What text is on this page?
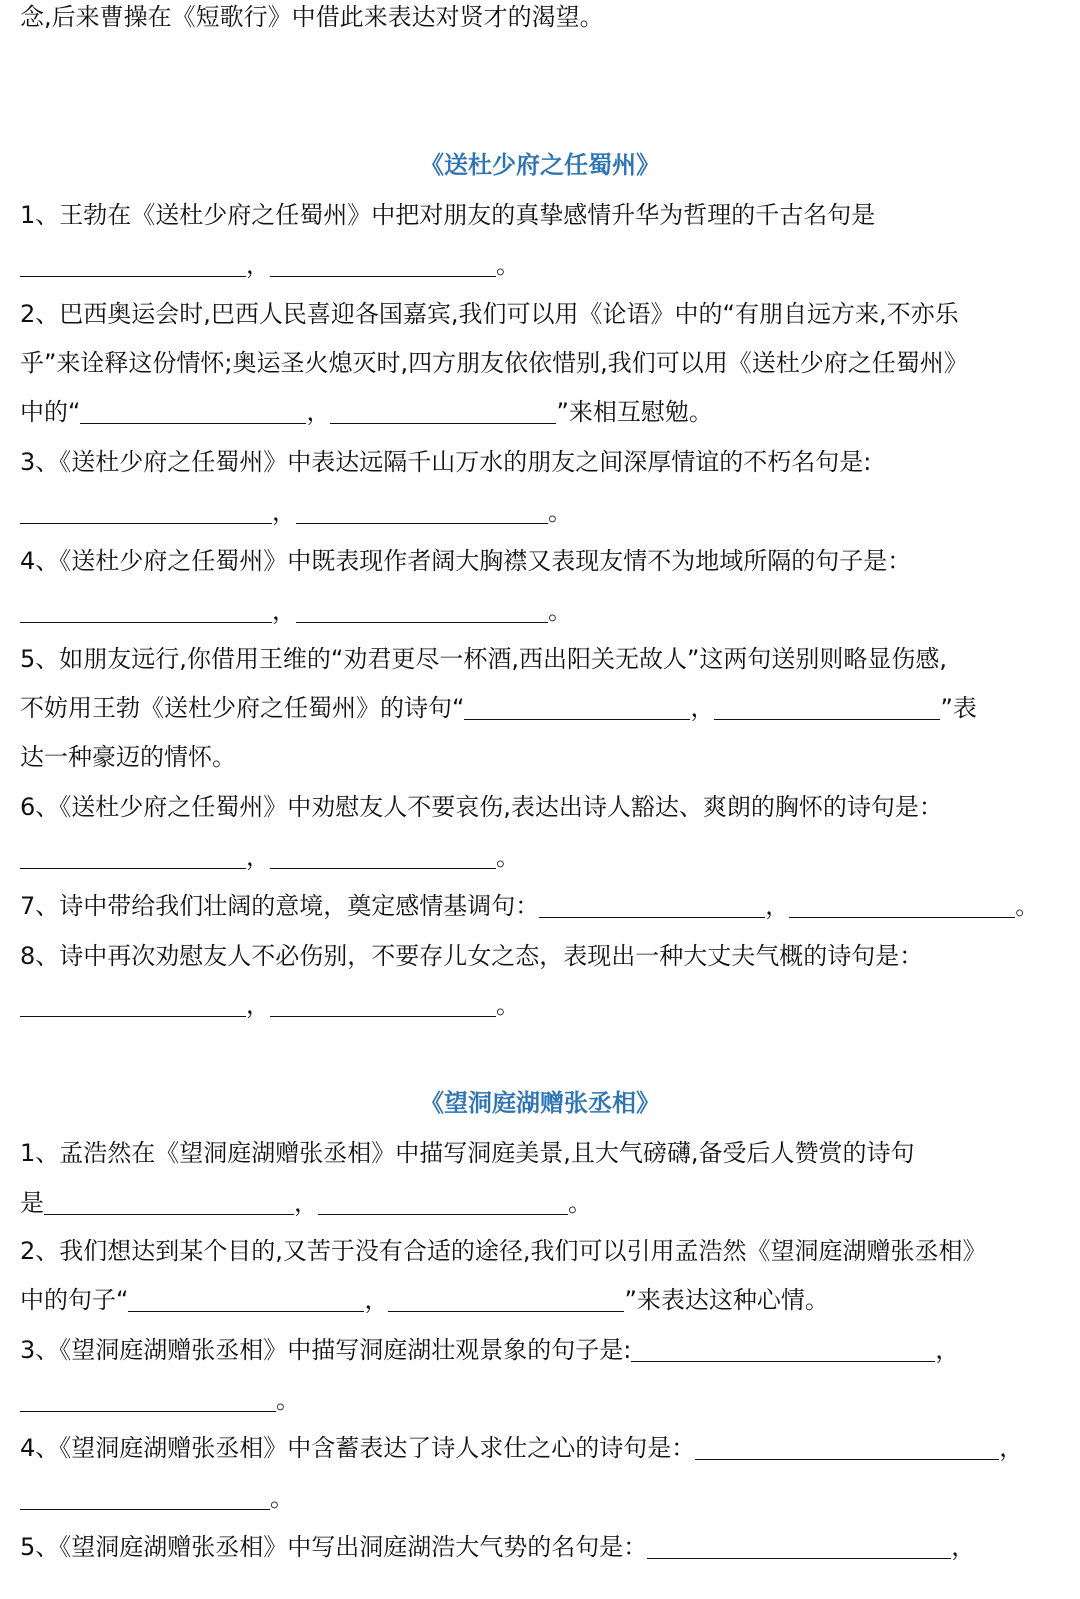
念,后来曹操在《短歌行》中借此来表达对贤才的渴望。
《送杜少府之任蜀州》
1、王勃在《送杜少府之任蜀州》中把对朋友的真挚感情升华为哲理的千古名句是
，	。
2、巴西奥运会时,巴西人民喜迎各国嘉宾,我们可以用《论语》中的“有朋自远方来,不亦乐
乎”来诠释这份情怀;奥运圣火熄灭时,四方朋友依依惜别,我们可以用《送杜少府之任蜀州》
中的“	，	”来相互慰勉。
3、《送杜少府之任蜀州》中表达远隔千山万水的朋友之间深厚情谊的不朽名句是:
，	。
4、《送杜少府之任蜀州》中既表现作者阔大胸襟又表现友情不为地域所隔的句子是：
，	。
5、如朋友远行,你借用王维的“劝君更尽一杯酒,西出阳关无故人”这两句送别则略显伤感,
不妨用王勃《送杜少府之任蜀州》的诗句“	，	”表
达一种豪迈的情怀。
6、《送杜少府之任蜀州》中劝慰友人不要哀伤,表达出诗人豁达、爽朗的胸怀的诗句是：
，	。
7、诗中带给我们壮阔的意境，奠定感情基调句：	，	。
8、诗中再次劝慰友人不必伤别，不要存儿女之态，表现出一种大丈夫气概的诗句是：
，	。
《望洞庭湖赠张丞相》
1、孟浩然在《望洞庭湖赠张丞相》中描写洞庭美景,且大气磅礴,备受后人赞赏的诗句
是	，	。
2、我们想达到某个目的,又苦于没有合适的途径,我们可以引用孟浩然《望洞庭湖赠张丞相》
中的句子“	，	”来表达这种心情。
3、《望洞庭湖赠张丞相》中描写洞庭湖壮观景象的句子是:	，
。
4、《望洞庭湖赠张丞相》中含蓄表达了诗人求仕之心的诗句是：	，
。
5、《望洞庭湖赠张丞相》中写出洞庭湖浩大气势的名句是：	，
